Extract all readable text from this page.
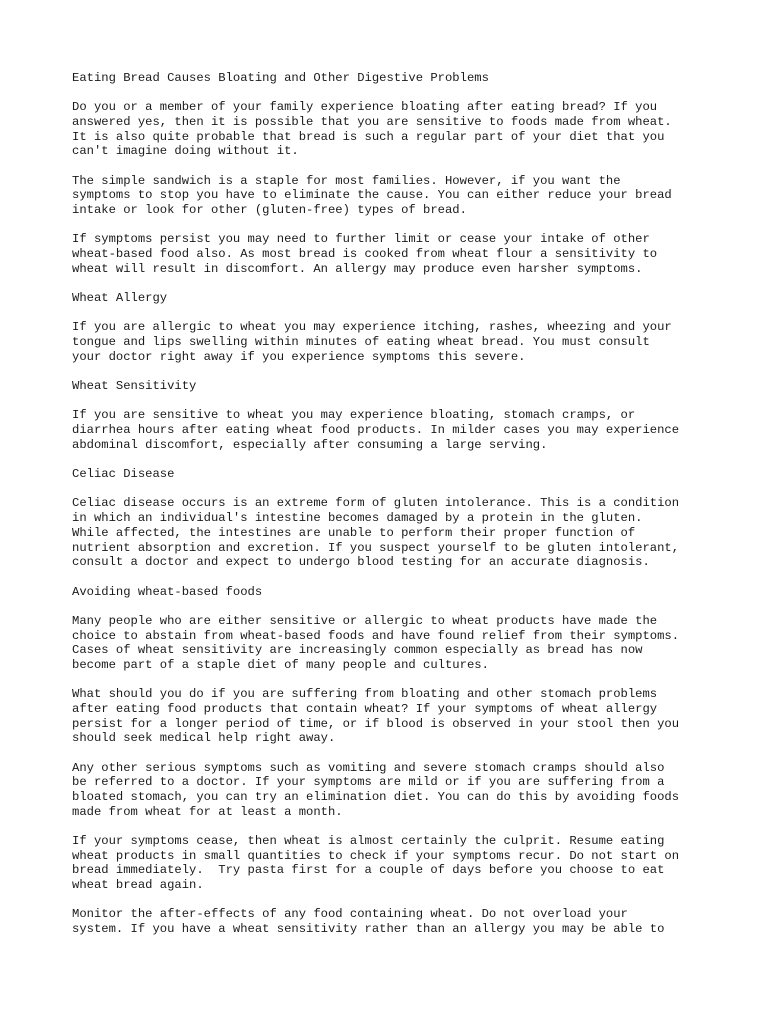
Eating Bread Causes Bloating and Other Digestive Problems
Do you or a member of your family experience bloating after eating bread? If you
answered yes, then it is possible that you are sensitive to foods made from wheat.
It is also quite probable that bread is such a regular part of your diet that you
can't imagine doing without it.
The simple sandwich is a staple for most families. However, if you want the
symptoms to stop you have to eliminate the cause. You can either reduce your bread
intake or look for other (gluten-free) types of bread.
If symptoms persist you may need to further limit or cease your intake of other
wheat-based food also. As most bread is cooked from wheat flour a sensitivity to
wheat will result in discomfort. An allergy may produce even harsher symptoms.
Wheat Allergy
If you are allergic to wheat you may experience itching, rashes, wheezing and your
tongue and lips swelling within minutes of eating wheat bread. You must consult
your doctor right away if you experience symptoms this severe.
Wheat Sensitivity
If you are sensitive to wheat you may experience bloating, stomach cramps, or
diarrhea hours after eating wheat food products. In milder cases you may experience
abdominal discomfort, especially after consuming a large serving.
Celiac Disease
Celiac disease occurs is an extreme form of gluten intolerance. This is a condition
in which an individual's intestine becomes damaged by a protein in the gluten.
While affected, the intestines are unable to perform their proper function of
nutrient absorption and excretion. If you suspect yourself to be gluten intolerant,
consult a doctor and expect to undergo blood testing for an accurate diagnosis.
Avoiding wheat-based foods
Many people who are either sensitive or allergic to wheat products have made the
choice to abstain from wheat-based foods and have found relief from their symptoms.
Cases of wheat sensitivity are increasingly common especially as bread has now
become part of a staple diet of many people and cultures.
What should you do if you are suffering from bloating and other stomach problems
after eating food products that contain wheat? If your symptoms of wheat allergy
persist for a longer period of time, or if blood is observed in your stool then you
should seek medical help right away.
Any other serious symptoms such as vomiting and severe stomach cramps should also
be referred to a doctor. If your symptoms are mild or if you are suffering from a
bloated stomach, you can try an elimination diet. You can do this by avoiding foods
made from wheat for at least a month.
If your symptoms cease, then wheat is almost certainly the culprit. Resume eating
wheat products in small quantities to check if your symptoms recur. Do not start on
bread immediately.  Try pasta first for a couple of days before you choose to eat
wheat bread again.
Monitor the after-effects of any food containing wheat. Do not overload your
system. If you have a wheat sensitivity rather than an allergy you may be able to
